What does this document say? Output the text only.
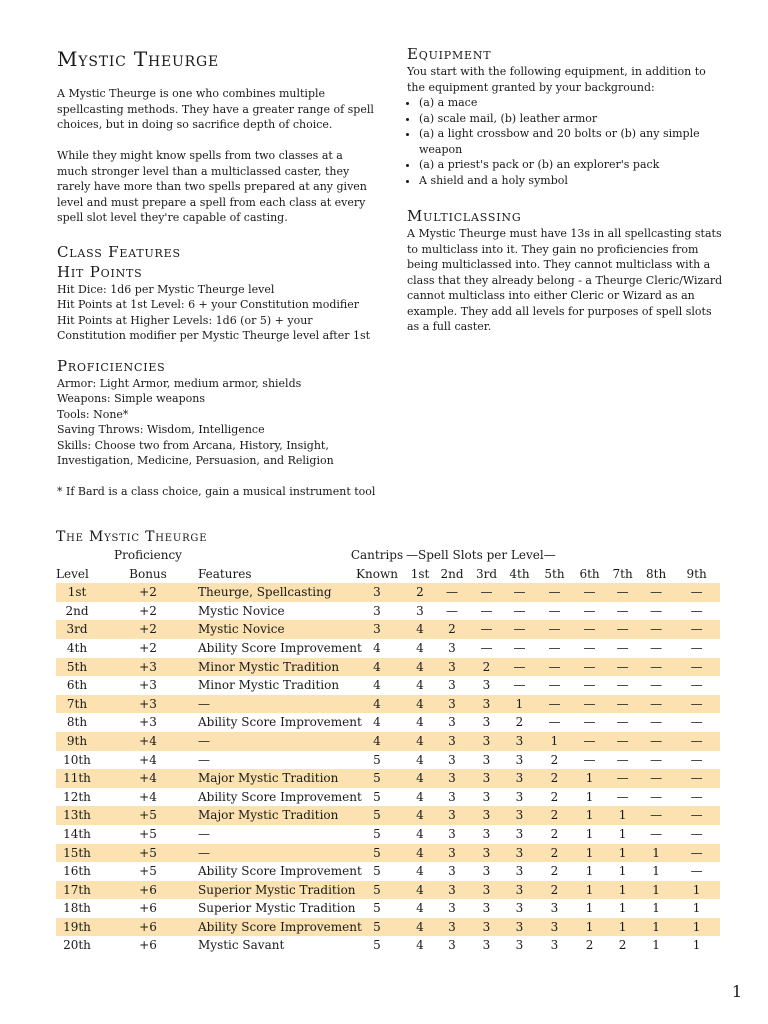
Mystic Theurge

A Mystic Theurge is one who combines multiple spellcasting methods. They have a greater range of spell choices, but in doing so sacrifice depth of choice.

While they might know spells from two classes at a much stronger level than a multiclassed caster, they rarely have more than two spells prepared at any given level and must prepare a spell from each class at every spell slot level they're capable of casting.

Class Features
Hit Points

Hit Dice: 1d6 per Mystic Theurge level

Hit Points at 1st Level: 6 + your Constitution modifier

Hit Points at Higher Levels: 1d6 (or 5) + your Constitution modifier per Mystic Theurge level after 1st

Proficiencies

Armor: Light Armor, medium armor, shields

Weapons: Simple weapons

Tools: None*

Saving Throws: Wisdom, Intelligence

Skills: Choose two from Arcana, History, Insight, Investigation, Medicine, Persuasion, and Religion

* If Bard is a class choice, gain a musical instrument tool

Equipment

You start with the following equipment, in addition to the equipment granted by your background:

• (a) a mace
• (a) scale mail, (b) leather armor
• (a) a light crossbow and 20 bolts or (b) any simple weapon
• (a) a priest's pack or (b) an explorer's pack
• A shield and a holy symbol
Multiclassing

A Mystic Theurge must have 13s in all spellcasting stats to multiclass into it. They gain no proficiencies from being multiclassed into. They cannot multiclass with a class that they already belong - a Theurge Cleric/Wizard cannot multiclass into either Cleric or Wizard as an example. They add all levels for purposes of spell slots as a full caster.

The Mystic Theurge
	Proficiency		Cantrips	—Spell Slots per Level—								
Level	Bonus	Features	Known	1st	2nd	3rd	4th	5th	6th	7th	8th	9th
1st	+2	Theurge, Spellcasting	3	2	—	—	—	—	—	—	—	—
2nd	+2	Mystic Novice	3	3	—	—	—	—	—	—	—	—
3rd	+2	Mystic Novice	3	4	2	—	—	—	—	—	—	—
4th	+2	Ability Score Improvement	4	4	3	—	—	—	—	—	—	—
5th	+3	Minor Mystic Tradition	4	4	3	2	—	—	—	—	—	—
6th	+3	Minor Mystic Tradition	4	4	3	3	—	—	—	—	—	—
7th	+3	—	4	4	3	3	1	—	—	—	—	—
8th	+3	Ability Score Improvement	4	4	3	3	2	—	—	—	—	—
9th	+4	—	4	4	3	3	3	1	—	—	—	—
10th	+4	—	5	4	3	3	3	2	—	—	—	—
11th	+4	Major Mystic Tradition	5	4	3	3	3	2	1	—	—	—
12th	+4	Ability Score Improvement	5	4	3	3	3	2	1	—	—	—
13th	+5	Major Mystic Tradition	5	4	3	3	3	2	1	1	—	—
14th	+5	—	5	4	3	3	3	2	1	1	—	—
15th	+5	—	5	4	3	3	3	2	1	1	1	—
16th	+5	Ability Score Improvement	5	4	3	3	3	2	1	1	1	—
17th	+6	Superior Mystic Tradition	5	4	3	3	3	2	1	1	1	1
18th	+6	Superior Mystic Tradition	5	4	3	3	3	3	1	1	1	1
19th	+6	Ability Score Improvement	5	4	3	3	3	3	1	1	1	1
20th	+6	Mystic Savant	5	4	3	3	3	3	2	2	1	1
1
